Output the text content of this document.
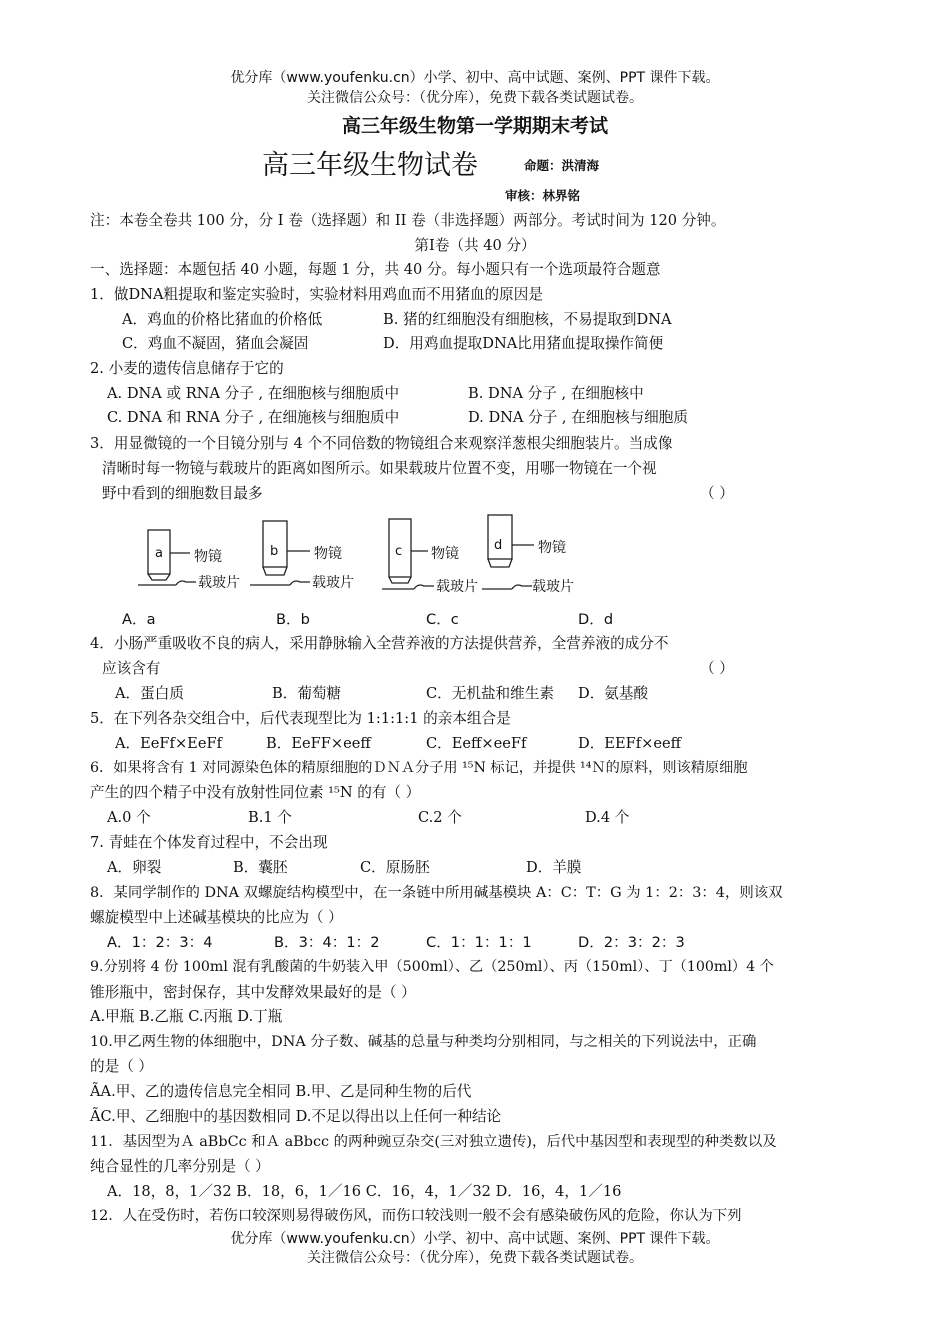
优分库（www.youfenku.cn）小学、初中、高中试题、案例、PPT 课件下载。
关注微信公众号：（优分库），免费下载各类试题试卷。
高三年级生物第一学期期末考试
高三年级生物试卷	命题：洪清海
审核：林界铭
注：本卷全卷共 100 分，分 I 卷（选择题）和 II 卷（非选择题）两部分。考试时间为 120 分钟。
第Ⅰ卷（共 40 分）
一、选择题：本题包括 40 小题，每题 1 分，共 40 分。每小题只有一个选项最符合题意
1．做DNA粗提取和鉴定实验时，实验材料用鸡血而不用猪血的原因是
A．鸡血的价格比猪血的价格低	B. 猪的红细胞没有细胞核，不易提取到DNA
C．鸡血不凝固，猪血会凝固	D．用鸡血提取DNA比用猪血提取操作简便
2. 小麦的遗传信息储存于它的
A. DNA 或 RNA 分子 , 在细胞核与细胞质中	B. DNA 分子 , 在细胞核中
C. DNA 和 RNA 分子 , 在细施核与细胞质中	D. DNA 分子 , 在细胞核与细胞质
3．用显微镜的一个目镜分别与 4 个不同倍数的物镜组合来观察洋葱根尖细胞装片。当成像
清晰时每一物镜与载玻片的距离如图所示。如果载玻片位置不变，用哪一物镜在一个视
野中看到的细胞数目最多	（ ）
a	b	c	d
物镜	物镜	物镜	物镜
载玻片	载玻片	载玻片	载玻片
A．a	B．b	C．c	D．d
4．小肠严重吸收不良的病人，采用静脉输入全营养液的方法提供营养，全营养液的成分不
应该含有	（ ）
A．蛋白质	B．葡萄糖	C．无机盐和维生素 D．氨基酸
5．在下列各杂交组合中，后代表现型比为 1:1:1:1 的亲本组合是
A．EeFf×EeFf	B．EeFF×eeff	C．Eeff×eeFf	D．EEFf×eeff
6．如果将含有 1 对同源染色体的精原细胞的ＤＮＡ分子用 ¹⁵N 标记，并提供 ¹⁴Ｎ的原料，则该精原细胞
产生的四个精子中没有放射性同位素 ¹⁵N 的有（ ）
A.0 个	B.1 个	C.2 个	D.4 个
7. 青蛙在个体发育过程中，不会出现
A．卵裂	B．囊胚	C．原肠胚	D．羊膜
8．某同学制作的 DNA 双螺旋结构模型中，在一条链中所用碱基模块 A：C：T：G 为 1：2：3：4，则该双
螺旋模型中上述碱基模块的比应为（ ）
A．1：2：3：4	B．3：4：1：2	C．1：1：1：1	D．2：3：2：3
9.分别将 4 份 100ml 混有乳酸菌的牛奶装入甲（500ml）、乙（250ml）、丙（150ml）、丁（100ml）4 个
锥形瓶中，密封保存，其中发酵效果最好的是（ ）
A.甲瓶 B.乙瓶 C.丙瓶 D.丁瓶
10.甲乙两生物的体细胞中，DNA 分子数、碱基的总量与种类均分别相同，与之相关的下列说法中，正确
的是（ ）
ÃA.甲、乙的遗传信息完全相同 B.甲、乙是同种生物的后代
ÃC.甲、乙细胞中的基因数相同 D.不足以得出以上任何一种结论
11．基因型为Ａ aBbCc 和Ａ aBbcc 的两种豌豆杂交(三对独立遗传)，后代中基因型和表现型的种类数以及
纯合显性的几率分别是（ ）
A．18，8，1／32 B．18，6，1／16 C．16，4，1／32 D．16，4，1／16
12．人在受伤时，若伤口较深则易得破伤风，而伤口较浅则一般不会有感染破伤风的危险，你认为下列
优分库（www.youfenku.cn）小学、初中、高中试题、案例、PPT 课件下载。
关注微信公众号：（优分库），免费下载各类试题试卷。
